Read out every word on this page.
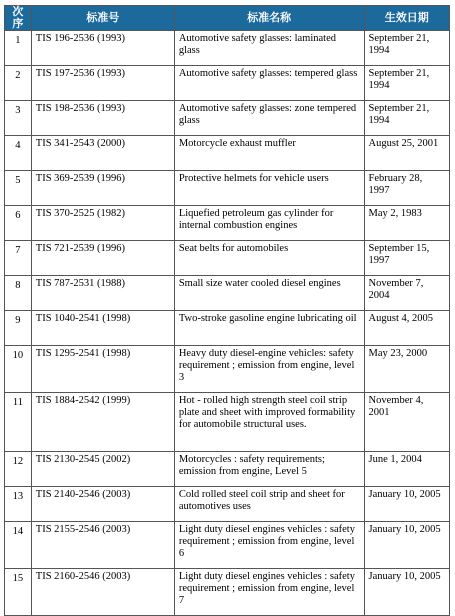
次序	标准号	标准名称	生效日期
1	TIS 196-2536 (1993)	Automotive safety glasses: laminated glass	September 21, 1994
2	TIS 197-2536 (1993)	Automotive safety glasses: tempered glass	September 21, 1994
3	TIS 198-2536 (1993)	Automotive safety glasses: zone tempered glass	September 21, 1994
4	TIS 341-2543 (2000)	Motorcycle exhaust muffler	August 25, 2001
5	TIS 369-2539 (1996)	Protective helmets for vehicle users	February 28, 1997
6	TIS 370-2525 (1982)	Liquefied petroleum gas cylinder for internal combustion engines	May 2, 1983
7	TIS 721-2539 (1996)	Seat belts for automobiles	September 15, 1997
8	TIS 787-2531 (1988)	Small size water cooled diesel engines	November 7, 2004
9	TIS 1040-2541 (1998)	Two-stroke gasoline engine lubricating oil	August 4, 2005
10	TIS 1295-2541 (1998)	Heavy duty diesel-engine vehicles: safety requirement ; emission from engine, level 3	May 23, 2000
11	TIS 1884-2542 (1999)	Hot - rolled high strength steel coil strip plate and sheet with improved formability for automobile structural uses.	November 4, 2001
12	TIS 2130-2545 (2002)	Motorcycles : safety requirements; emission from engine, Level 5	June 1, 2004
13	TIS 2140-2546 (2003)	Cold rolled steel coil strip and sheet for automotives uses	January 10, 2005
14	TIS 2155-2546 (2003)	Light duty diesel engines vehicles : safety requirement ; emission from engine, level 6	January 10, 2005
15	TIS 2160-2546 (2003)	Light duty diesel engines vehicles : safety requirement ; emission from engine, level 7	January 10, 2005
